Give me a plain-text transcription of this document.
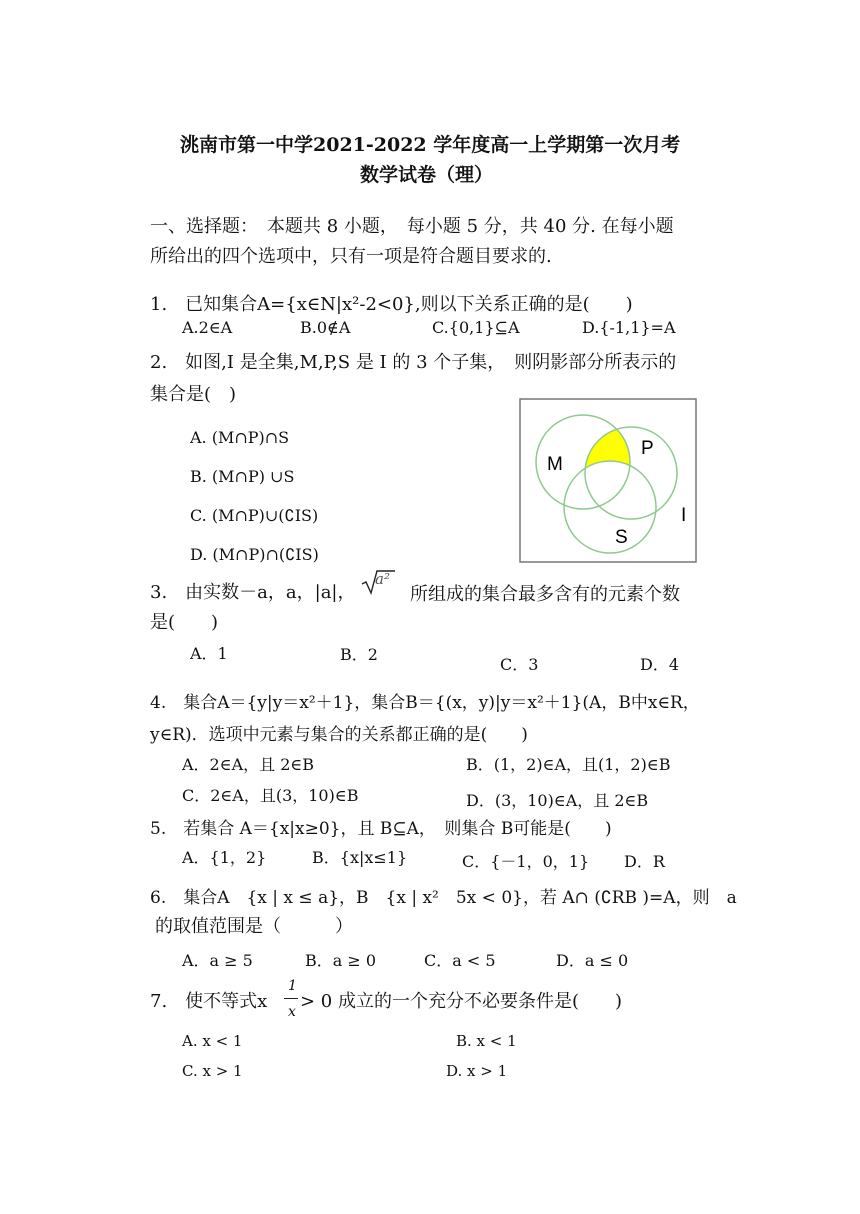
洮南市第一中学2021-2022 学年度高一上学期第一次月考
数学试卷（理）
一、选择题：　本题共 8 小题，　每小题 5 分，共 40 分. 在每小题
所给出的四个选项中，只有一项是符合题目要求的.
1.　已知集合A={x∈N|x²-2<0},则以下关系正确的是(　　)
A.2∈A	B.0∉A	C.{0,1}⊆A	D.{-1,1}=A
2.　如图,I 是全集,M,P,S 是 I 的 3 个子集，　则阴影部分所表示的
集合是(　)
A. (M∩P)∩S
B. (M∩P) ∪S
C. (M∩P)∪(∁IS)
D. (M∩P)∩(∁IS)
M
P
S
I
3.　由实数－a，a，|a|，
a²
所组成的集合最多含有的元素个数
是(　　)
A．1	B．2
C．3	D．4
4.　集合A＝{y|y＝x²＋1}，集合B＝{(x，y)|y＝x²＋1}(A，B中x∈R，
y∈R)．选项中元素与集合的关系都正确的是(　　)
A．2∈A，且 2∈B	B．(1，2)∈A，且(1，2)∈B
C．2∈A，且(3，10)∈B	D．(3，10)∈A，且 2∈B
5.　若集合 A＝{x|x≥0}，且 B⊆A，　则集合 B可能是(　　)
A．{1，2}	B．{x|x≤1}	C．{－1，0，1} D．R
6.　集合A　{x | x ≤ a}，B　{x | x²　5x < 0}，若 A∩ (∁RB )=A，则　a
的取值范围是（　　　）
A．a ≥ 5	B．a ≥ 0	C．a < 5	D．a ≤ 0
7.　使不等式x
1
x > 0 成立的一个充分不必要条件是(　　)
A. x < 1	B. x < 1
C. x > 1	D. x > 1
